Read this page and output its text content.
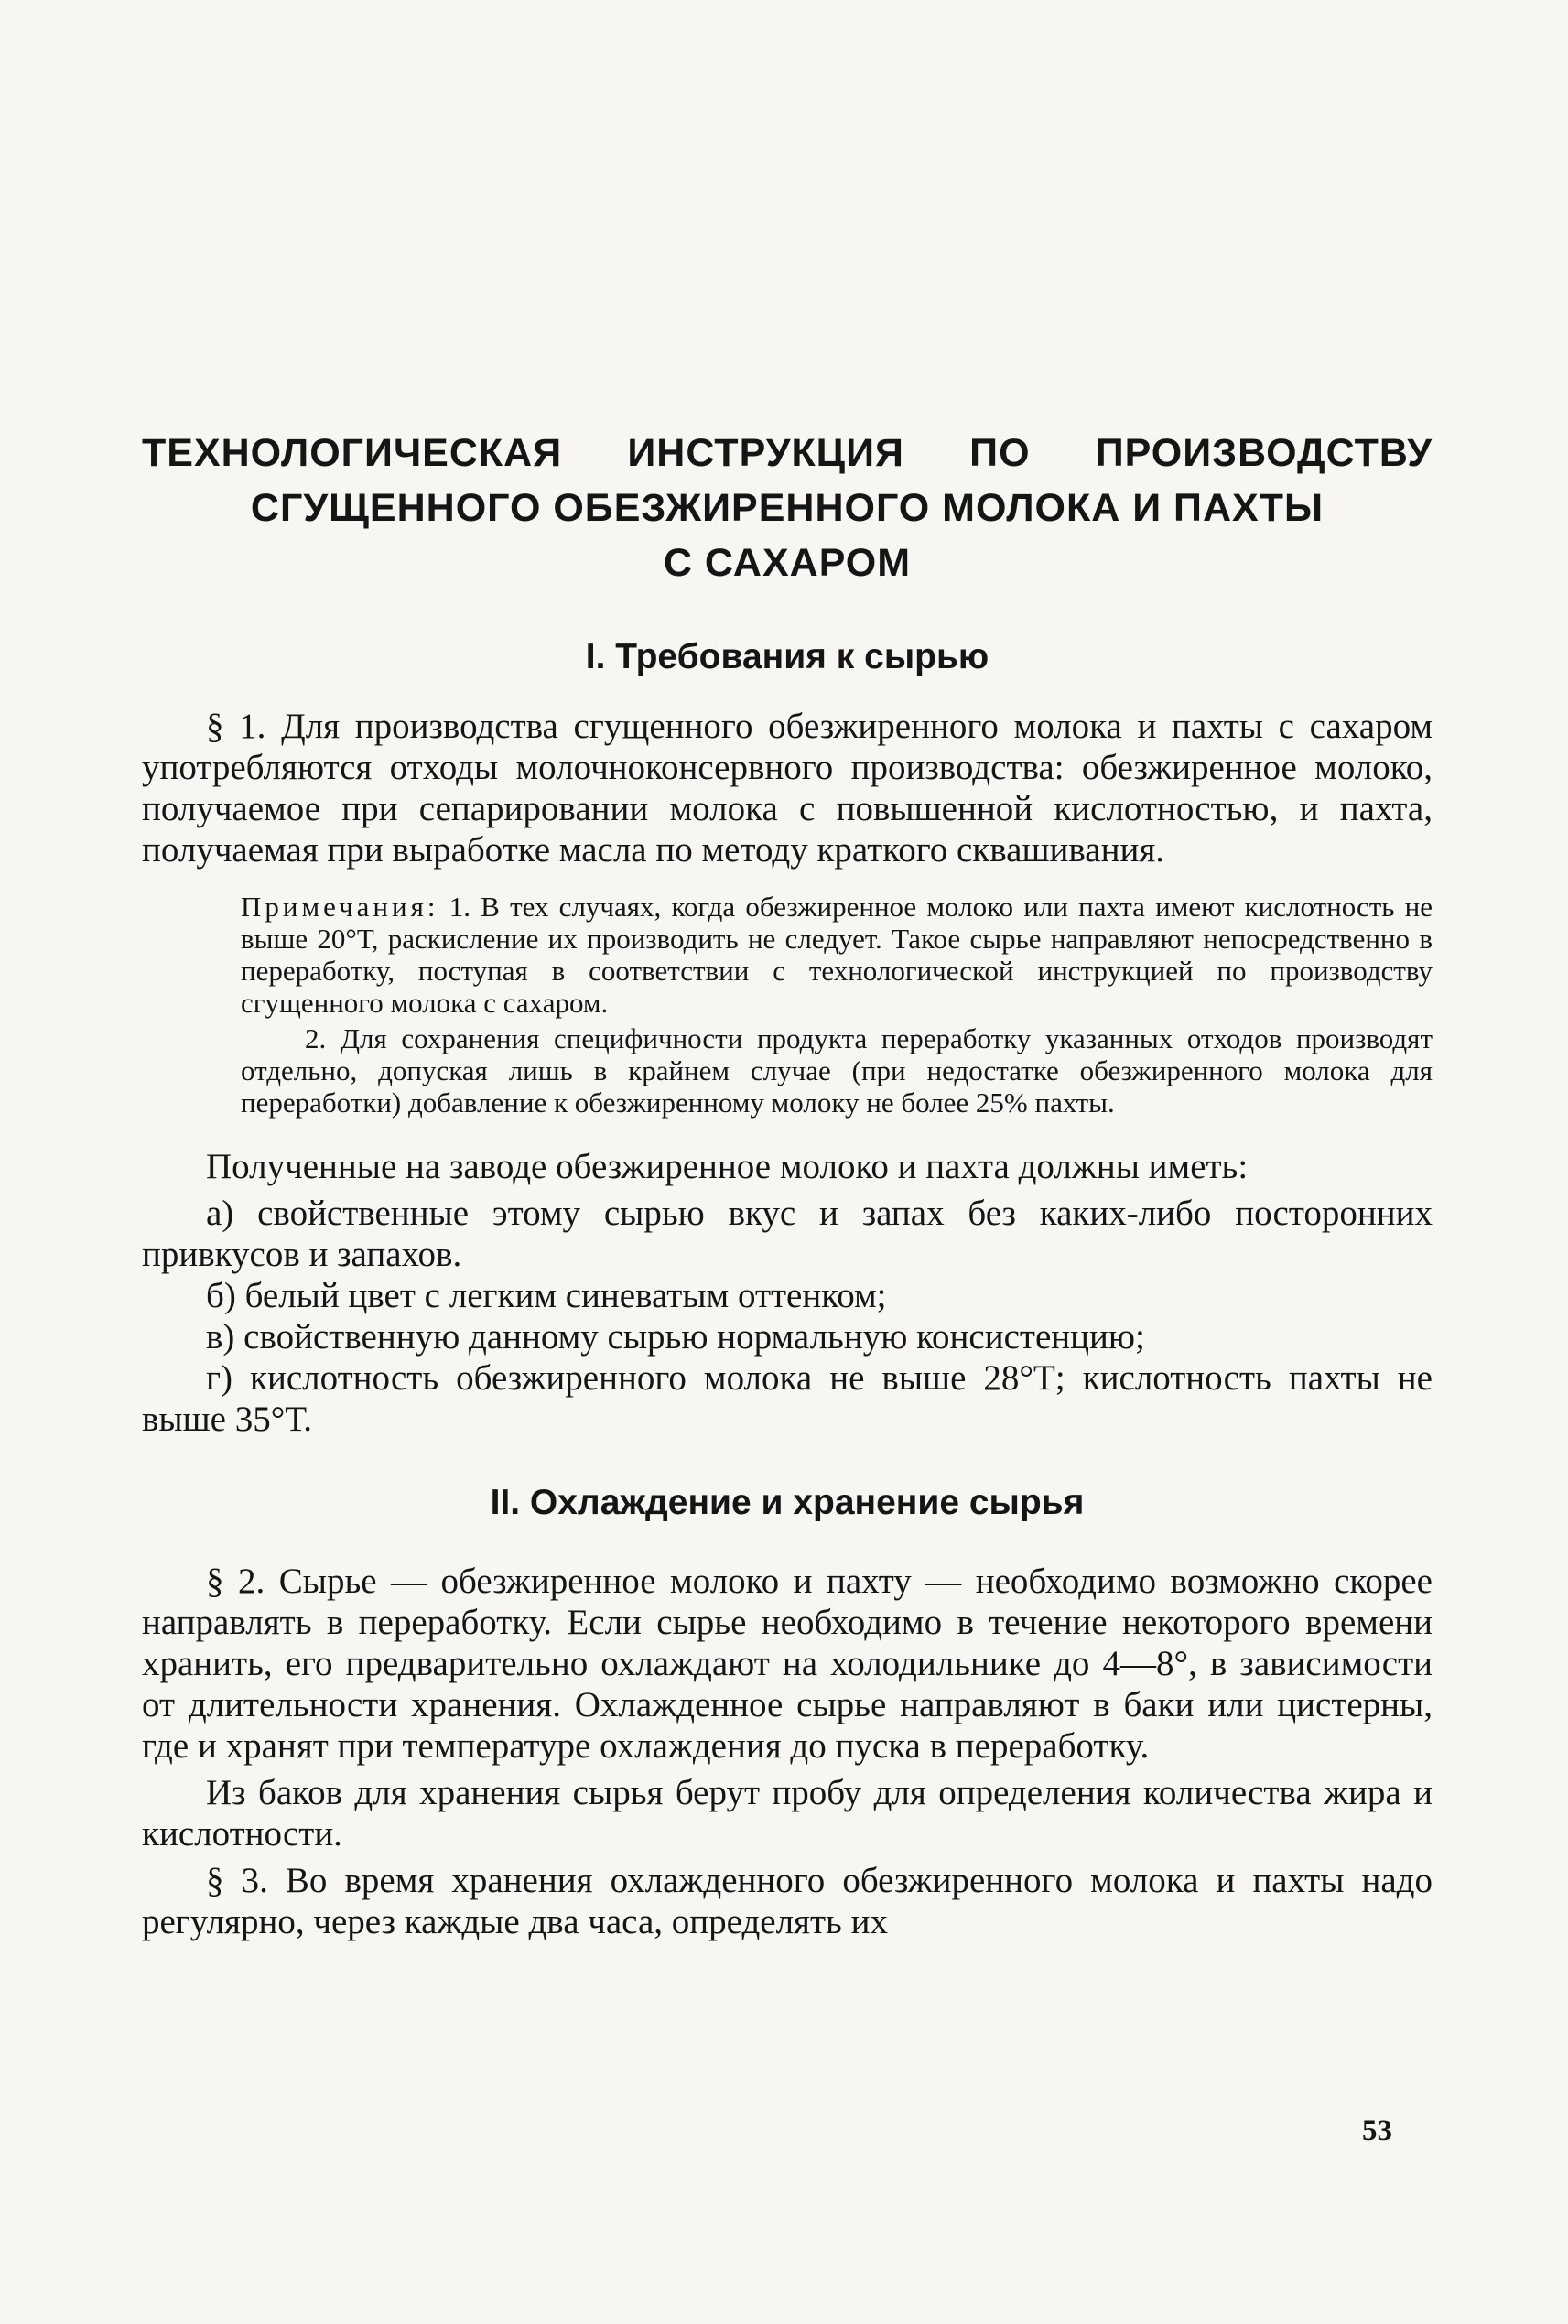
ТЕХНОЛОГИЧЕСКАЯ ИНСТРУКЦИЯ ПО ПРОИЗВОДСТВУ
СГУЩЕННОГО ОБЕЗЖИРЕННОГО МОЛОКА И ПАХТЫ
С САХАРОМ
I. Требования к сырью

§ 1. Для производства сгущенного обезжиренного молока и пахты с сахаром употребляются отходы молочноконсервного производства: обезжиренное молоко, получаемое при сепарировании молока с повышенной кислотностью, и пахта, получаемая при выработке масла по методу краткого сквашивания.

Примечания: 1. В тех случаях, когда обезжиренное молоко или пахта имеют кислотность не выше 20°Т, раскисление их производить не следует. Такое сырье направляют непосредственно в переработку, поступая в соответствии с технологической инструкцией по производству сгущенного молока с сахаром.

2. Для сохранения специфичности продукта переработку указанных отходов производят отдельно, допуская лишь в крайнем случае (при недостатке обезжиренного молока для переработки) добавление к обезжиренному молоку не более 25% пахты.

Полученные на заводе обезжиренное молоко и пахта должны иметь:

а) свойственные этому сырью вкус и запах без каких-либо посторонних привкусов и запахов.

б) белый цвет с легким синеватым оттенком;

в) свойственную данному сырью нормальную консистенцию;

г) кислотность обезжиренного молока не выше 28°Т; кислотность пахты не выше 35°Т.

II. Охлаждение и хранение сырья

§ 2. Сырье — обезжиренное молоко и пахту — необходимо возможно скорее направлять в переработку. Если сырье необходимо в течение некоторого времени хранить, его предварительно охлаждают на холодильнике до 4—8°, в зависимости от длительности хранения. Охлажденное сырье направляют в баки или цистерны, где и хранят при температуре охлаждения до пуска в переработку.

Из баков для хранения сырья берут пробу для определения количества жира и кислотности.

§ 3. Во время хранения охлажденного обезжиренного молока и пахты надо регулярно, через каждые два часа, определять их

53
